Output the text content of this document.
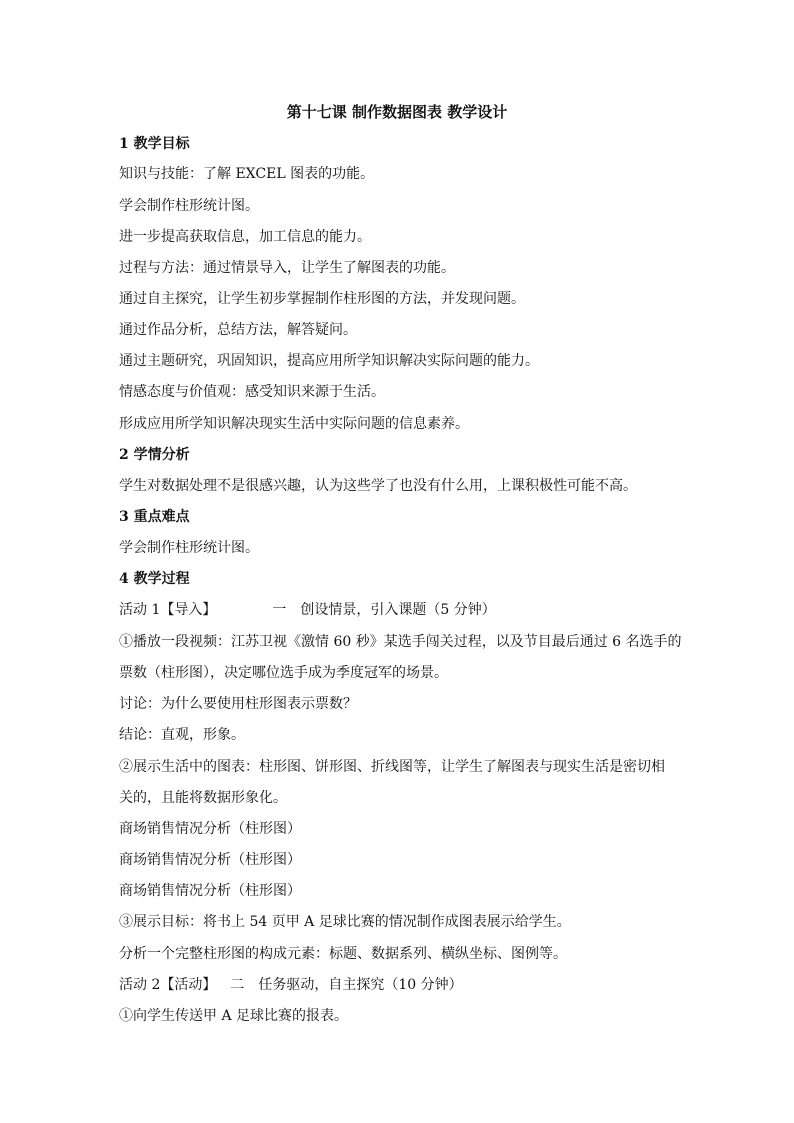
第十七课 制作数据图表 教学设计
1 教学目标
知识与技能：了解 EXCEL 图表的功能。
学会制作柱形统计图。
进一步提高获取信息，加工信息的能力。
过程与方法：通过情景导入，让学生了解图表的功能。
通过自主探究，让学生初步掌握制作柱形图的方法，并发现问题。
通过作品分析，总结方法，解答疑问。
通过主题研究，巩固知识，提高应用所学知识解决实际问题的能力。
情感态度与价值观：感受知识来源于生活。
形成应用所学知识解决现实生活中实际问题的信息素养。
2 学情分析
学生对数据处理不是很感兴趣，认为这些学了也没有什么用，上课积极性可能不高。
3 重点难点
学会制作柱形统计图。
4 教学过程
活动 1【导入】	一　创设情景，引入课题（5 分钟）
①播放一段视频：江苏卫视《激情 60 秒》某选手闯关过程，以及节目最后通过 6 名选手的
票数（柱形图），决定哪位选手成为季度冠军的场景。
讨论：为什么要使用柱形图表示票数？
结论：直观，形象。
②展示生活中的图表：柱形图、饼形图、折线图等，让学生了解图表与现实生活是密切相
关的，且能将数据形象化。
商场销售情况分析（柱形图）
商场销售情况分析（柱形图）
商场销售情况分析（柱形图）
③展示目标：将书上 54 页甲 A 足球比赛的情况制作成图表展示给学生。
分析一个完整柱形图的构成元素：标题、数据系列、横纵坐标、图例等。
活动 2【活动】 二　任务驱动，自主探究（10 分钟）
①向学生传送甲 A 足球比赛的报表。
